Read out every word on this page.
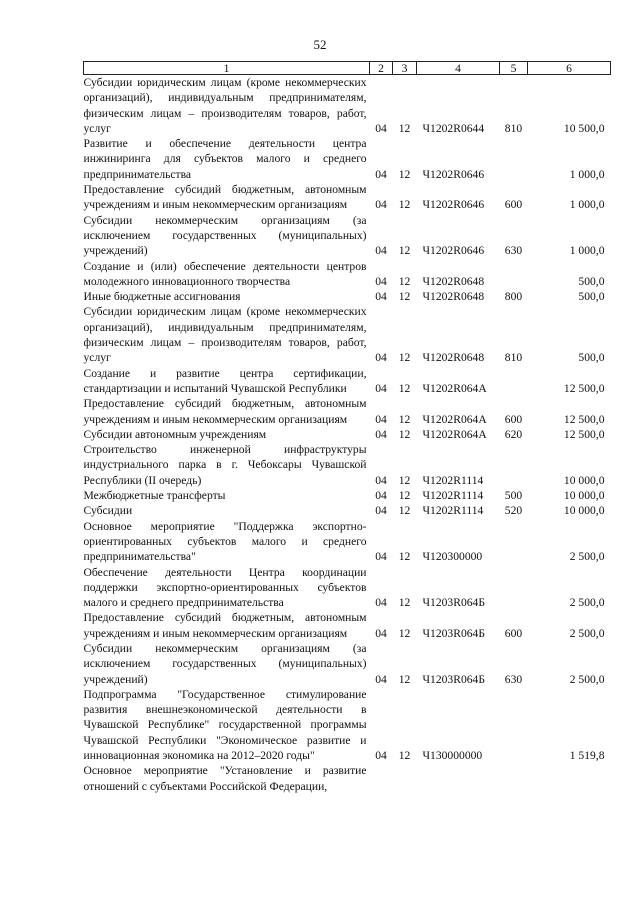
52
1	2	3	4	5	6
Субсидии юридическим лицам (кроме некоммерческих организаций), индивидуальным предпринимателям, физическим лицам – производителям товаров, работ, услуг	04	12	Ч1202R0644	810	10 500,0
Развитие и обеспечение деятельности центра инжиниринга для субъектов малого и среднего предпринимательства	04	12	Ч1202R0646		1 000,0
Предоставление субсидий бюджетным, автономным учреждениям и иным некоммерческим организациям	04	12	Ч1202R0646	600	1 000,0
Субсидии некоммерческим организациям (за исключением государственных (муниципальных) учреждений)	04	12	Ч1202R0646	630	1 000,0
Создание и (или) обеспечение деятельности центров молодежного инновационного творчества	04	12	Ч1202R0648		500,0
Иные бюджетные ассигнования	04	12	Ч1202R0648	800	500,0
Субсидии юридическим лицам (кроме некоммерческих организаций), индивидуальным предпринимателям, физическим лицам – производителям товаров, работ, услуг	04	12	Ч1202R0648	810	500,0
Создание и развитие центра сертификации, стандартизации и испытаний Чувашской Республики	04	12	Ч1202R064А		12 500,0
Предоставление субсидий бюджетным, автономным учреждениям и иным некоммерческим организациям	04	12	Ч1202R064А	600	12 500,0
Субсидии автономным учреждениям	04	12	Ч1202R064А	620	12 500,0
Строительство инженерной инфраструктуры индустриального парка в г. Чебоксары Чувашской Республики (II очередь)	04	12	Ч1202R1114		10 000,0
Межбюджетные трансферты	04	12	Ч1202R1114	500	10 000,0
Субсидии	04	12	Ч1202R1114	520	10 000,0
Основное мероприятие "Поддержка экспортно-ориентированных субъектов малого и среднего предпринимательства"	04	12	Ч120300000		2 500,0
Обеспечение деятельности Центра координации поддержки экспортно-ориентированных субъектов малого и среднего предпринимательства	04	12	Ч1203R064Б		2 500,0
Предоставление субсидий бюджетным, автономным учреждениям и иным некоммерческим организациям	04	12	Ч1203R064Б	600	2 500,0
Субсидии некоммерческим организациям (за исключением государственных (муниципальных) учреждений)	04	12	Ч1203R064Б	630	2 500,0
Подпрограмма "Государственное стимулирование развития внешнеэкономической деятельности в Чувашской Республике" государственной программы Чувашской Республики "Экономическое развитие и инновационная экономика на 2012–2020 годы"	04	12	Ч130000000		1 519,8
Основное мероприятие "Установление и развитие отношений с субъектами Российской Федерации,					
